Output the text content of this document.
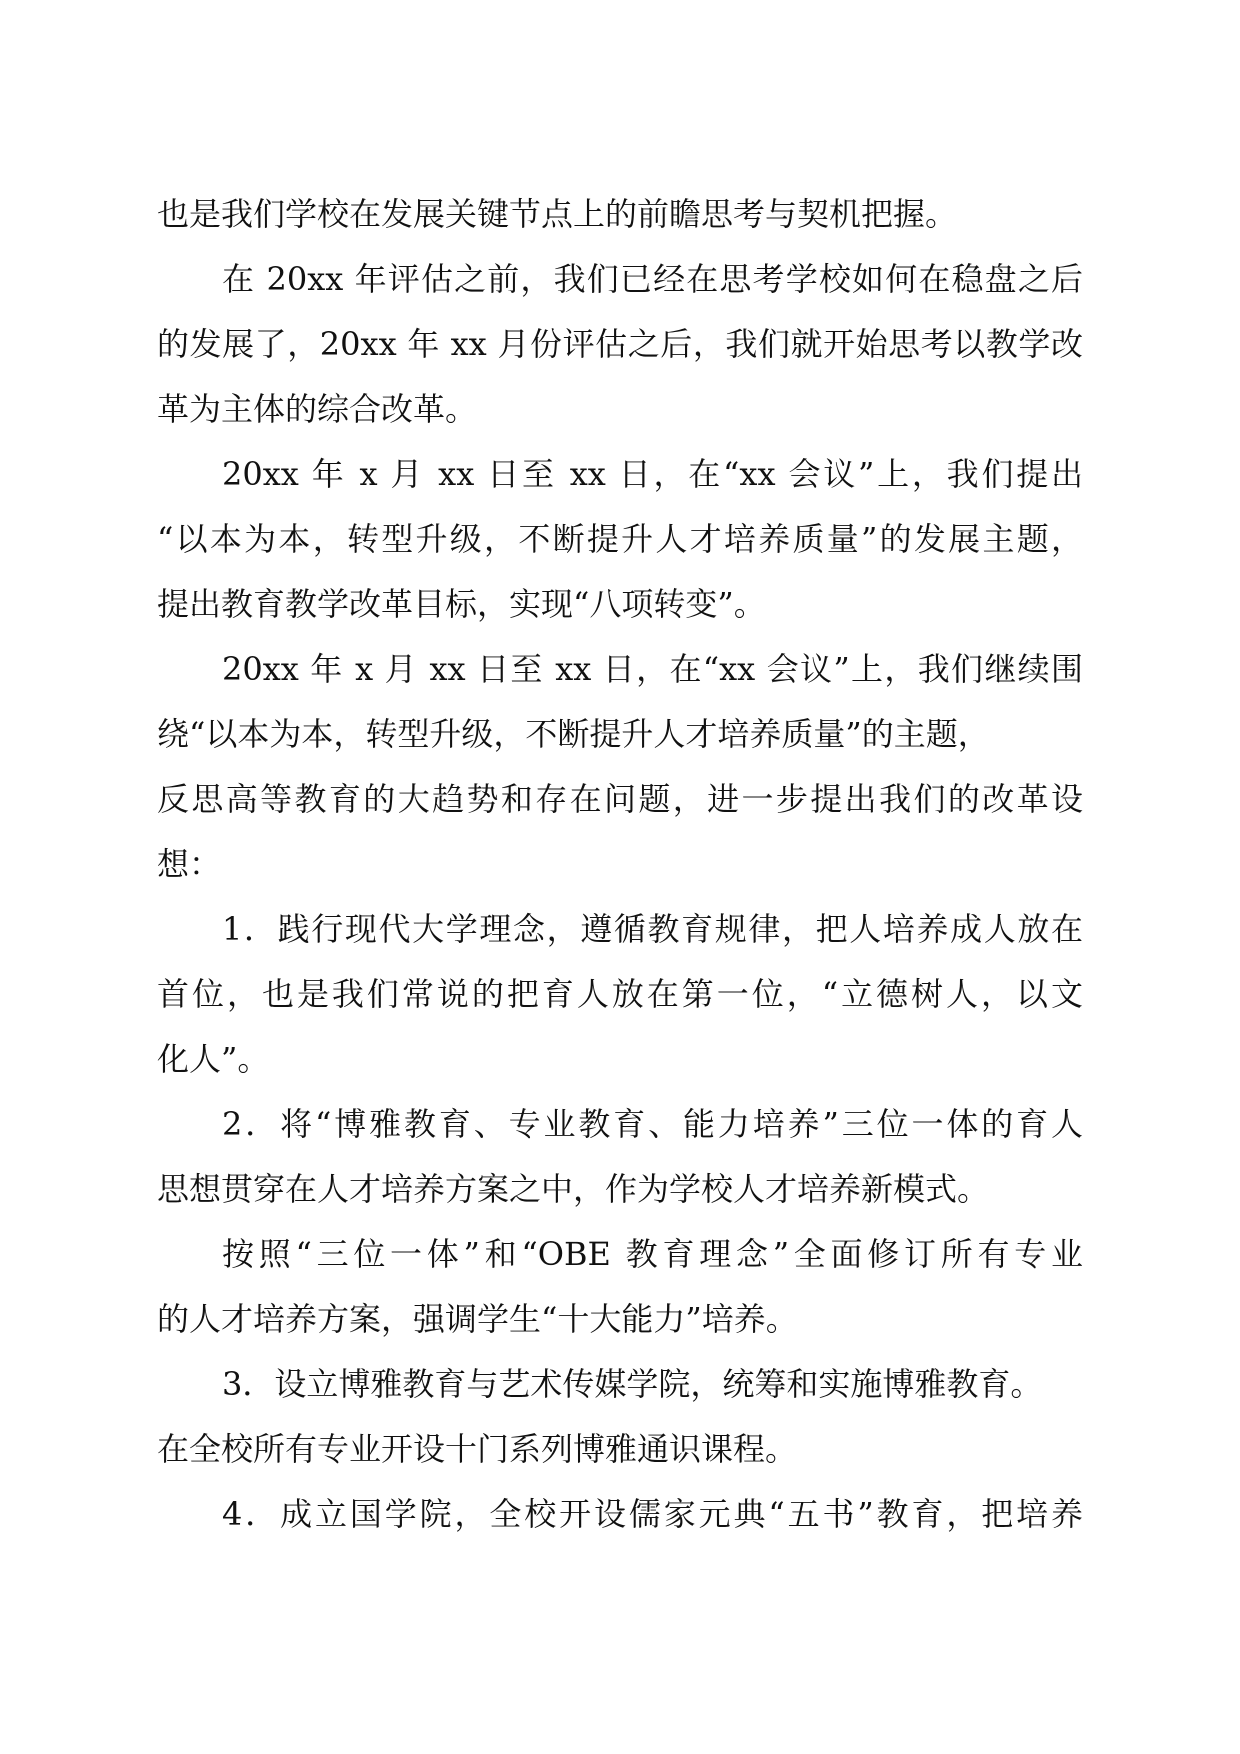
也是我们学校在发展关键节点上的前瞻思考与契机把握。
在 20xx 年评估之前，我们已经在思考学校如何在稳盘之后
的发展了，20xx 年 xx 月份评估之后，我们就开始思考以教学改
革为主体的综合改革。
20xx 年 x 月 xx 日至 xx 日，在“xx 会议”上，我们提出
“以本为本，转型升级，不断提升人才培养质量”的发展主题，
提出教育教学改革目标，实现“八项转变”。
20xx 年 x 月 xx 日至 xx 日，在“xx 会议”上，我们继续围
绕“以本为本，转型升级，不断提升人才培养质量”的主题，
反思高等教育的大趋势和存在问题，进一步提出我们的改革设
想：
1．践行现代大学理念，遵循教育规律，把人培养成人放在
首位，也是我们常说的把育人放在第一位，“立德树人，以文
化人”。
2．将“博雅教育、专业教育、能力培养”三位一体的育人
思想贯穿在人才培养方案之中，作为学校人才培养新模式。
按照“三位一体”和“OBE 教育理念”全面修订所有专业
的人才培养方案，强调学生“十大能力”培养。
3．设立博雅教育与艺术传媒学院，统筹和实施博雅教育。
在全校所有专业开设十门系列博雅通识课程。
4．成立国学院，全校开设儒家元典“五书”教育，把培养
